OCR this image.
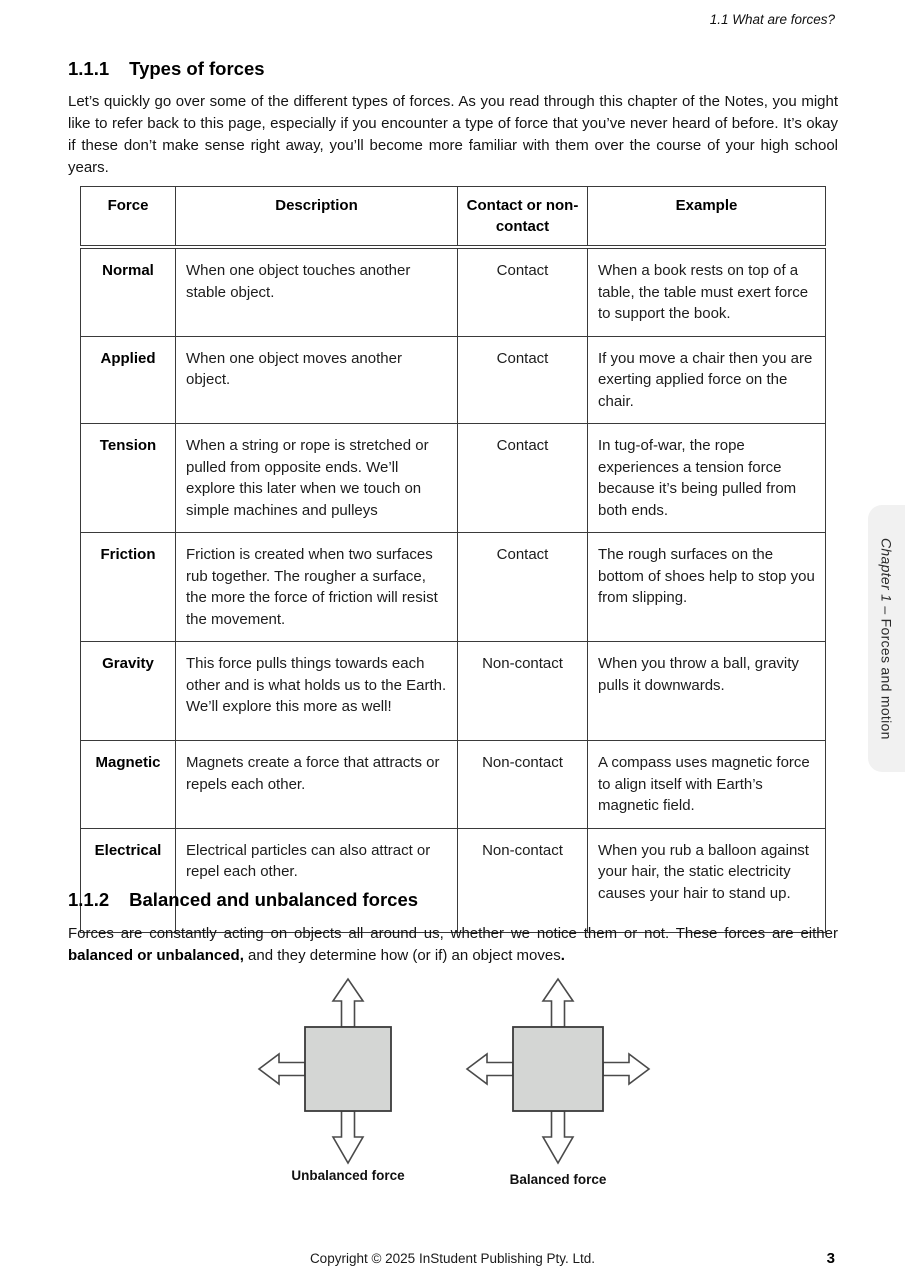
1.1 What are forces?
1.1.1 Types of forces
Let’s quickly go over some of the different types of forces. As you read through this chapter of the Notes, you might like to refer back to this page, especially if you encounter a type of force that you’ve never heard of before. It’s okay if these don’t make sense right away, you’ll become more familiar with them over the course of your high school years.
Force	Description	Contact or non-contact	Example
Normal	When one object touches another stable object.	Contact	When a book rests on top of a table, the table must exert force to support the book.
Applied	When one object moves another object.	Contact	If you move a chair then you are exerting applied force on the chair.
Tension	When a string or rope is stretched or pulled from opposite ends. We’ll explore this later when we touch on simple machines and pulleys	Contact	In tug-of-war, the rope experiences a tension force because it’s being pulled from both ends.
Friction	Friction is created when two surfaces rub together. The rougher a surface, the more the force of friction will resist the movement.	Contact	The rough surfaces on the bottom of shoes help to stop you from slipping.
Gravity	This force pulls things towards each other and is what holds us to the Earth. We’ll explore this more as well!	Non-contact	When you throw a ball, gravity pulls it downwards.
Magnetic	Magnets create a force that attracts or repels each other.	Non-contact	A compass uses magnetic force to align itself with Earth’s magnetic field.
Electrical	Electrical particles can also attract or repel each other.	Non-contact	When you rub a balloon against your hair, the static electricity causes your hair to stand up.
1.1.2 Balanced and unbalanced forces
Forces are constantly acting on objects all around us, whether we notice them or not. These forces are either balanced or unbalanced, and they determine how (or if) an object moves.
Unbalanced force	Balanced force
Chapter 1 – Forces and motion
Copyright © 2025 InStudent Publishing Pty. Ltd.	3
